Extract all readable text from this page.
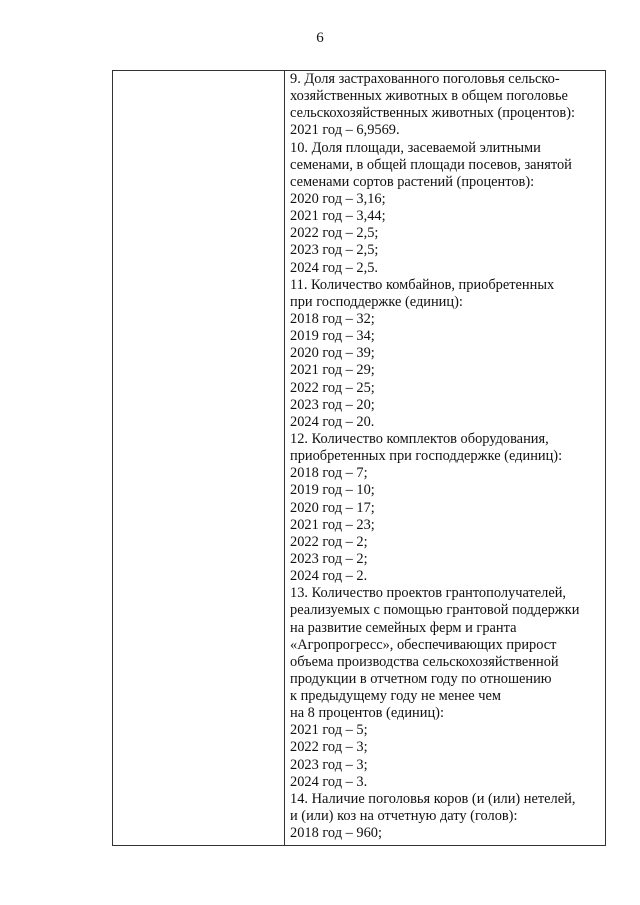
6
9. Доля застрахованного поголовья сельско-
хозяйственных животных в общем поголовье
сельскохозяйственных животных (процентов):
2021 год – 6,9569.
10. Доля площади, засеваемой элитными
семенами, в общей площади посевов, занятой
семенами сортов растений (процентов):
2020 год – 3,16;
2021 год – 3,44;
2022 год – 2,5;
2023 год – 2,5;
2024 год – 2,5.
11. Количество комбайнов, приобретенных
при господдержке (единиц):
2018 год – 32;
2019 год – 34;
2020 год – 39;
2021 год – 29;
2022 год – 25;
2023 год – 20;
2024 год – 20.
12. Количество комплектов оборудования,
приобретенных при господдержке (единиц):
2018 год – 7;
2019 год – 10;
2020 год – 17;
2021 год – 23;
2022 год – 2;
2023 год – 2;
2024 год – 2.
13. Количество проектов грантополучателей,
реализуемых с помощью грантовой поддержки
на развитие семейных ферм и гранта
«Агропрогресс», обеспечивающих прирост
объема производства сельскохозяйственной
продукции в отчетном году по отношению
к предыдущему году не менее чем
на 8 процентов (единиц):
2021 год – 5;
2022 год – 3;
2023 год – 3;
2024 год – 3.
14. Наличие поголовья коров (и (или) нетелей,
и (или) коз на отчетную дату (голов):
2018 год – 960;
